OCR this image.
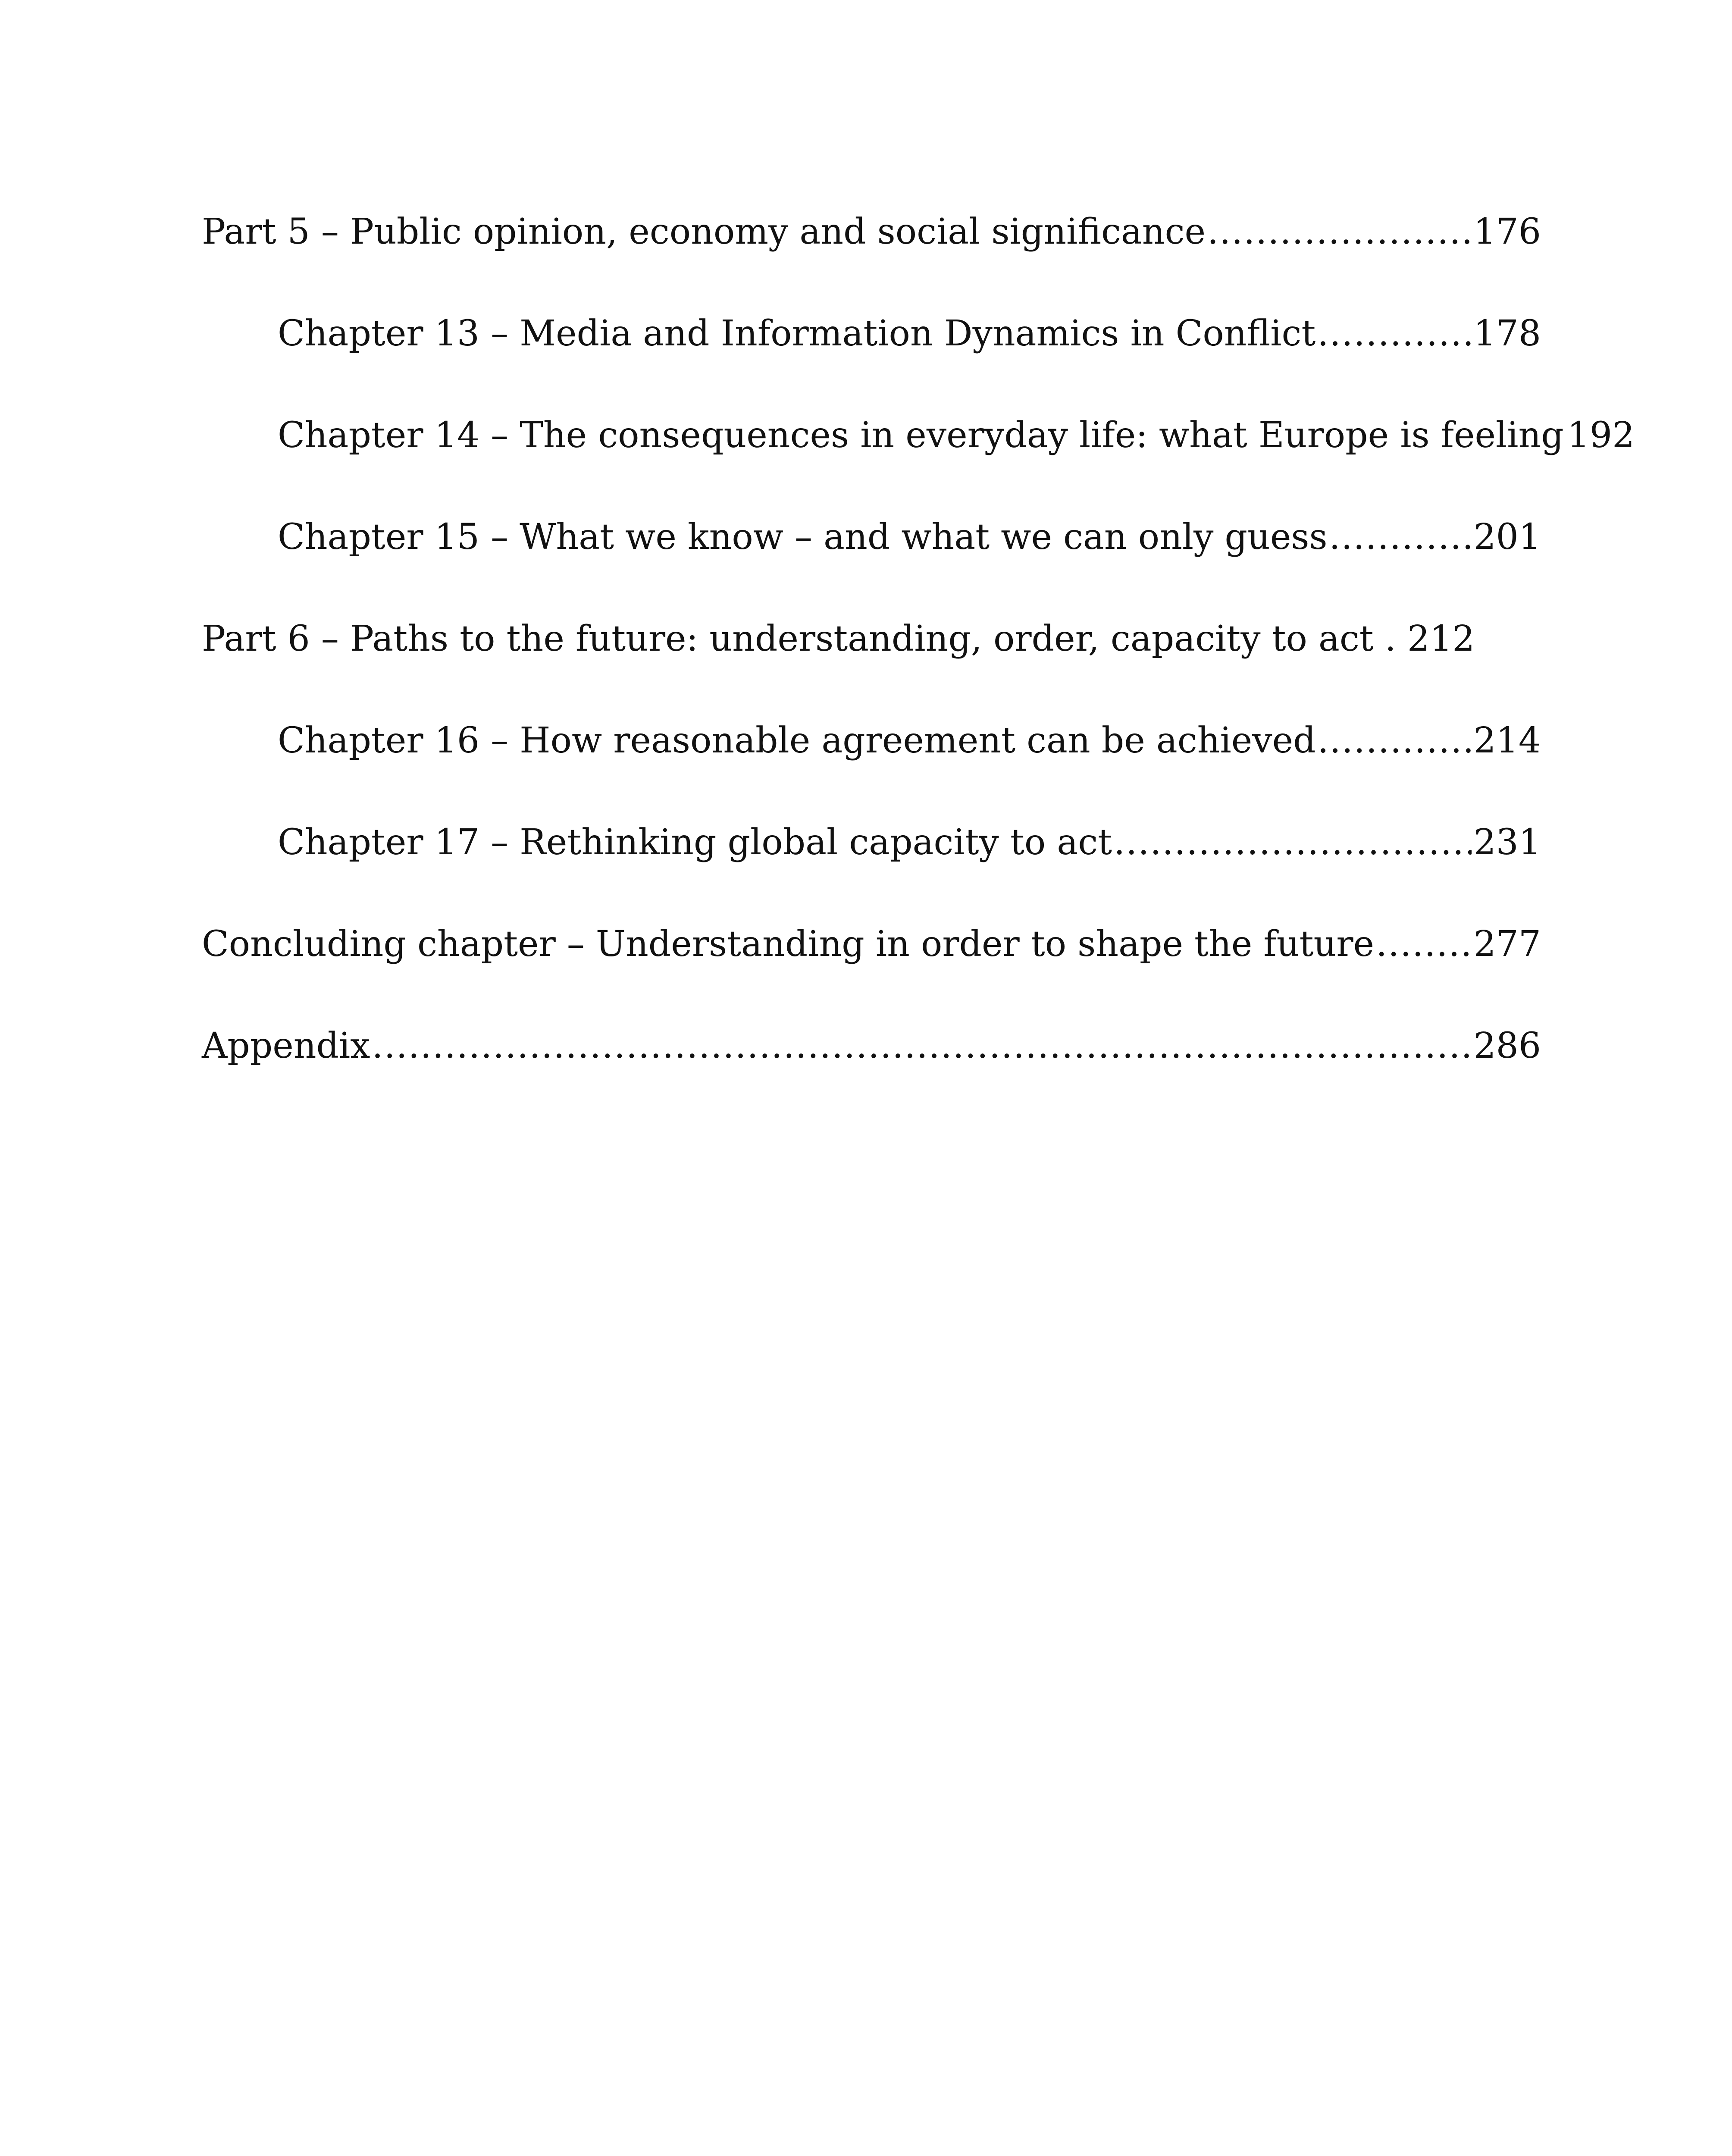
Part 5 – Public opinion, economy and social significance .....	176
Chapter 13 – Media and Information Dynamics in Conflict .....	178
Chapter 14 – The consequences in everyday life: what Europe is feeling 192
Chapter 15 – What we know – and what we can only guess .....	201
Part 6 – Paths to the future: understanding, order, capacity to act . 212
Chapter 16 – How reasonable agreement can be achieved .....	214
Chapter 17 – Rethinking global capacity to act .....	231
Concluding chapter – Understanding in order to shape the future .....	277
Appendix .....	286
